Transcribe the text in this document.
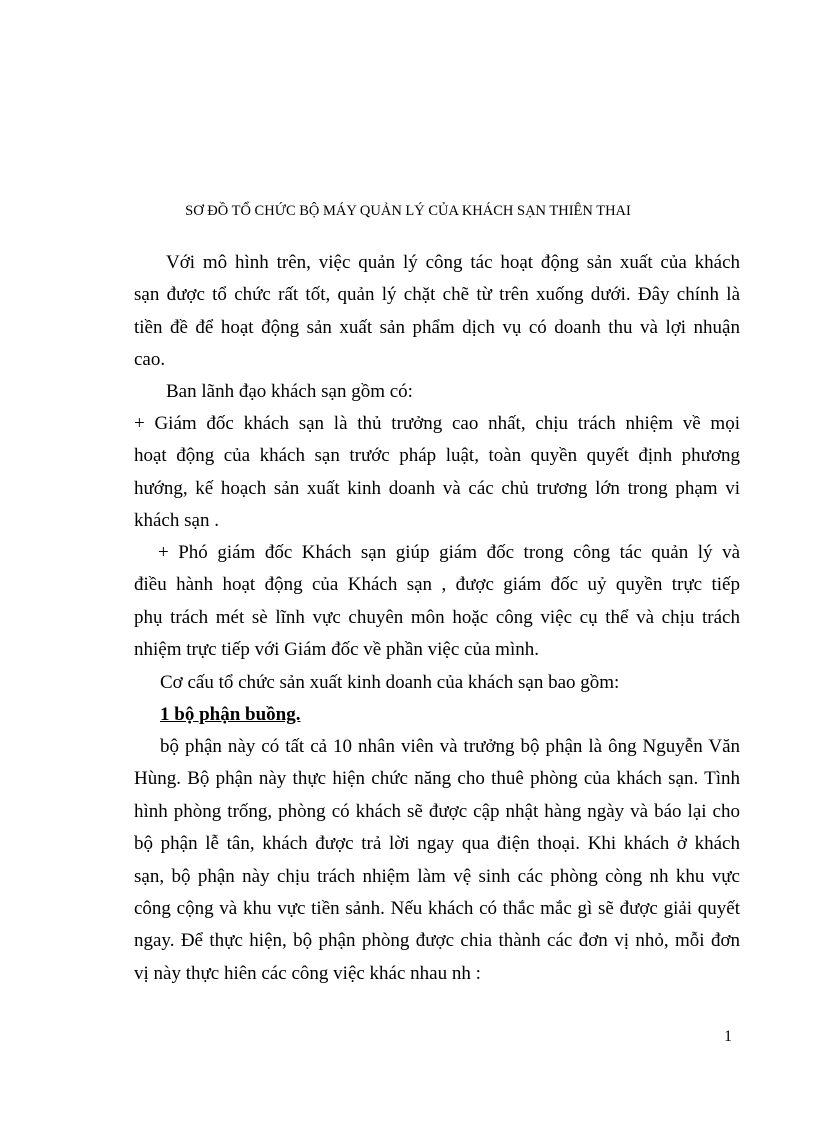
SƠ ĐỒ TỔ CHỨC BỘ MÁY QUẢN LÝ CỦA KHÁCH SẠN THIÊN THAI
Với mô hình trên, việc quản lý công tác hoạt động sản xuất của khách
sạn được tổ chức rất tốt, quản lý chặt chẽ từ trên xuống dưới. Đây chính là
tiền đề để hoạt động sản xuất sản phẩm dịch vụ có doanh thu và lợi nhuận
cao.
Ban lãnh đạo khách sạn gồm có:
+ Giám đốc khách sạn là thủ trưởng cao nhất, chịu trách nhiệm về mọi
hoạt động của khách sạn trước pháp luật, toàn quyền quyết định phương
hướng, kế hoạch sản xuất kinh doanh và các chủ trương lớn trong phạm vi
khách sạn .
+ Phó giám đốc Khách sạn giúp giám đốc trong công tác quản lý và
điều hành hoạt động của Khách sạn , được giám đốc uỷ quyền trực tiếp
phụ trách mét sè lĩnh vực chuyên môn hoặc công việc cụ thể và chịu trách
nhiệm trực tiếp với Giám đốc về phần việc của mình.
Cơ cấu tổ chức sản xuất kinh doanh của khách sạn bao gồm:
1 bộ phận buồng.
bộ phận này có tất cả 10 nhân viên và trưởng bộ phận là ông Nguyễn Văn
Hùng. Bộ phận này thực hiện chức năng cho thuê phòng của khách sạn. Tình
hình phòng trống, phòng có khách sẽ được cập nhật hàng ngày và báo lại cho
bộ phận lễ tân, khách được trả lời ngay qua điện thoại. Khi khách ở khách
sạn, bộ phận này chịu trách nhiệm làm vệ sinh các phòng còng nh khu vực
công cộng và khu vực tiền sảnh. Nếu khách có thắc mắc gì sẽ được giải quyết
ngay. Để thực hiện, bộ phận phòng được chia thành các đơn vị nhỏ, mỗi đơn
vị này thực hiên các công việc khác nhau nh :
1
